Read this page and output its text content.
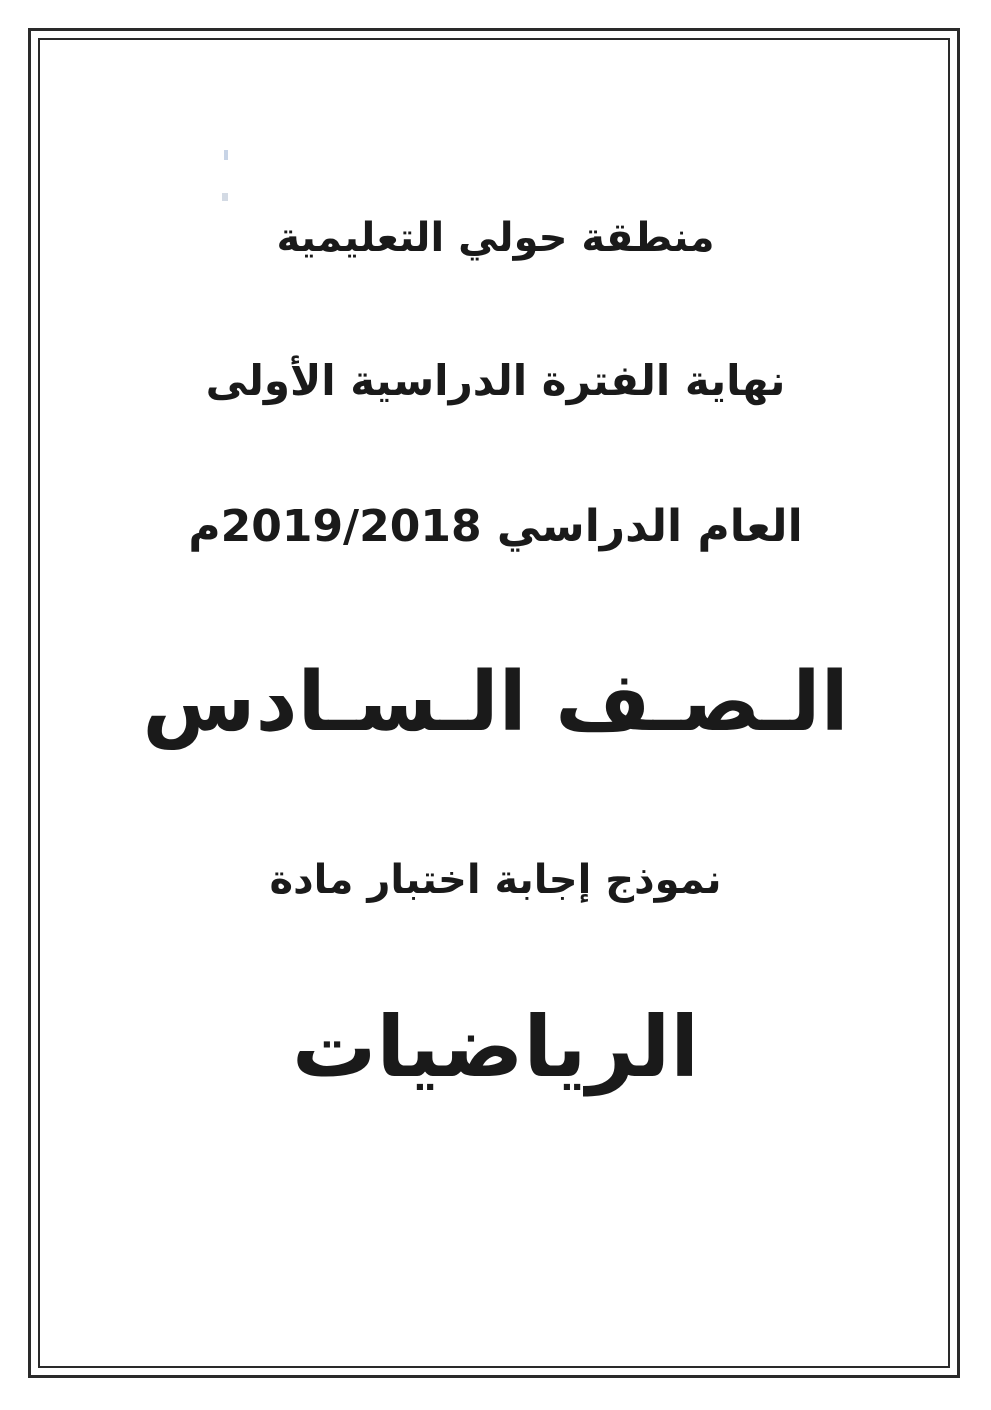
منطقة حولي التعليمية
نهاية الفترة الدراسية الأولى
العام الدراسي 2019/2018م
الـصـف الـسـادس
نموذج إجابة اختبار مادة
الرياضيات
